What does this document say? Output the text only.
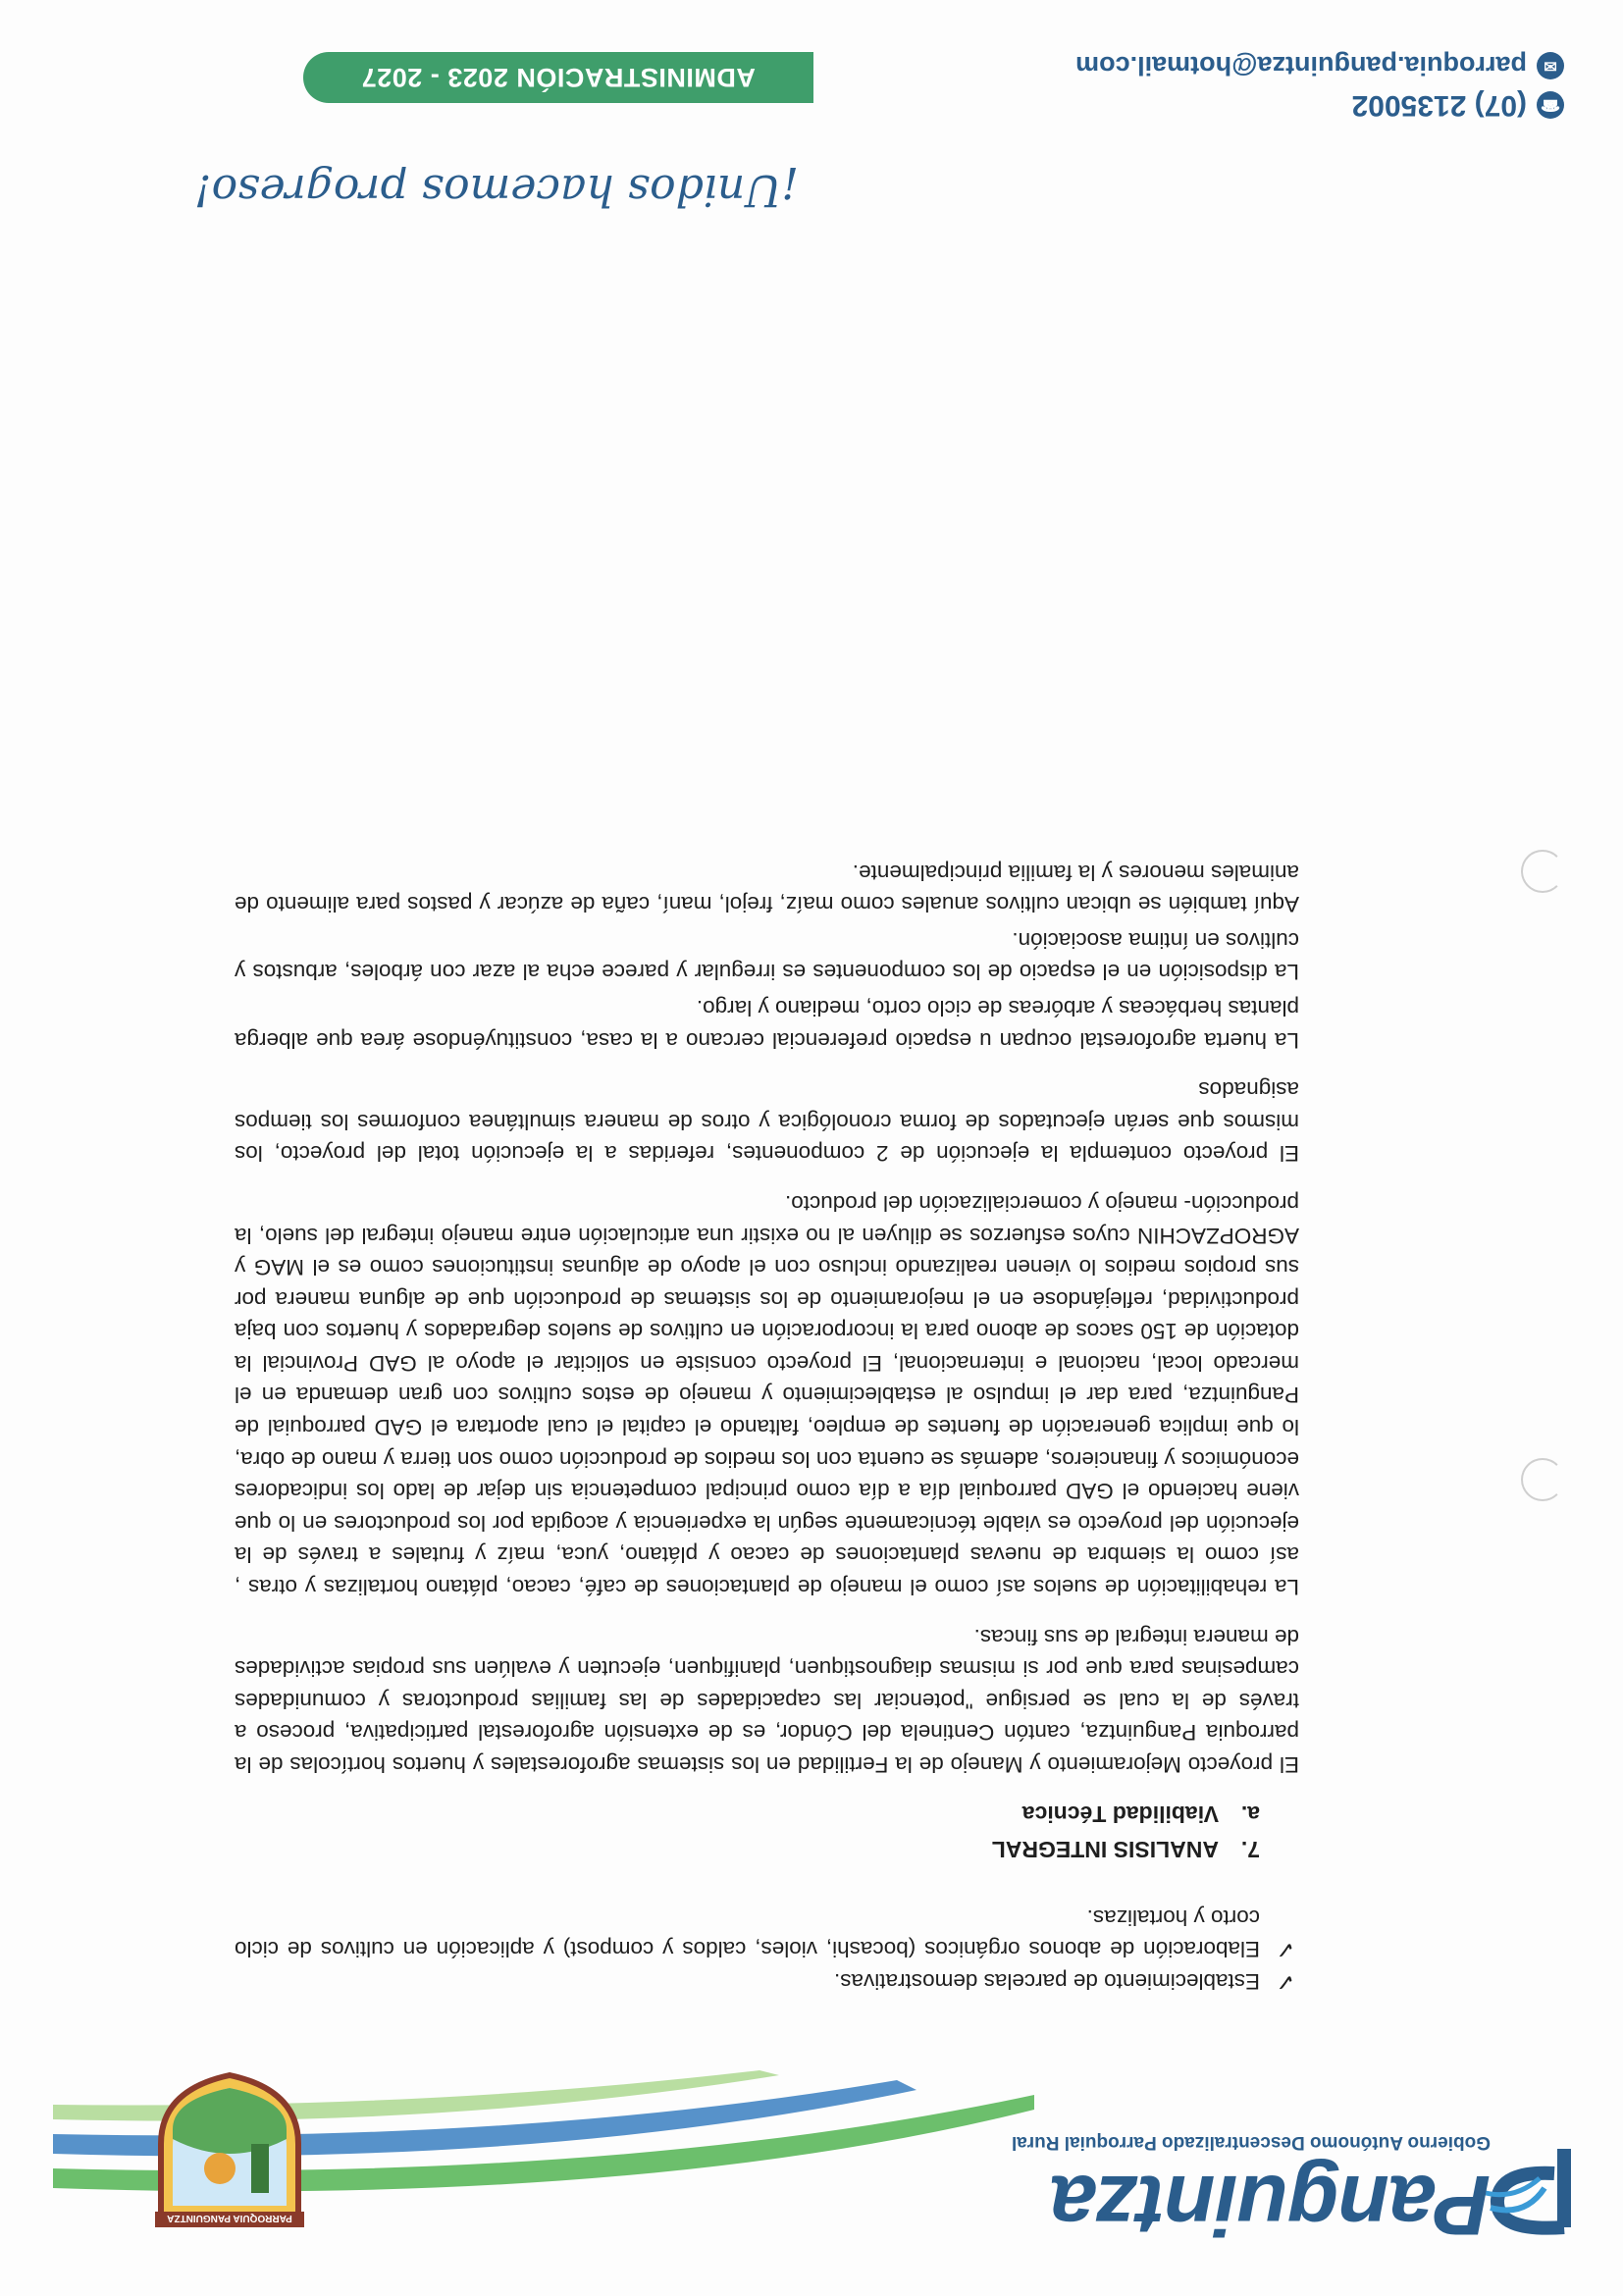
Panguintza
Gobierno Autónomo Descentralizado Parroquial Rural
PARROQUIA PANGUINTZA

✓
Establecimiento de parcelas demostrativas.

✓
Elaboración de abonos orgánicos (bocashi, violes, caldos y compost) y aplicación en cultivos de ciclo corto y hortalizas.

7.
ANALISIS INTEGRAL
a.
Viabilidad Técnica

El proyecto Mejoramiento y Manejo de la Fertilidad en los sistemas agroforestales y huertos hortícolas de la parroquia Panguintza, cantón Centinela del Cóndor, es de extensión agroforestal participativa, proceso a través de la cual se persigue "potenciar las capacidades de las familias productoras y comunidades campesinas para que por si mismas diagnostiquen, planifiquen, ejecuten y evalúen sus propias actividades de manera integral de sus fincas.

La rehabilitación de suelos así como el manejo de plantaciones de café, cacao, plátano hortalizas y otras , así como la siembra de nuevas plantaciones de cacao y plátano, yuca, maíz y frutales a través de la ejecución del proyecto es viable técnicamente según la experiencia y acogida por los productores en lo que viene haciendo el GAD parroquial día a día como principal competencia sin dejar de lado los indicadores económicos y financieros, además se cuenta con los medios de producción como son tierra y mano de obra, lo que implica generación de fuentes de empleo, faltando el capital el cual aportara el GAD parroquial de Panguintza, para dar el impulso al establecimiento y manejo de estos cultivos con gran demanda en el mercado local, nacional e internacional, El proyecto consiste en solicitar el apoyo al GAD Provincial la dotación de 150 sacos de abono para la incorporación en cultivos de suelos degradados y huertos con baja productividad, reflejándose en el mejoramiento de los sistemas de producción que de alguna manera por sus propios medios lo vienen realizando incluso con el apoyo de algunas instituciones como es el MAG y AGROPZACHIN cuyos esfuerzos se diluyen al no existir una articulación entre manejo integral del suelo, la producción- manejo y comercialización del producto.

El proyecto contempla la ejecución de 2 componentes, referidas a la ejecución total del proyecto, los mismos que serán ejecutados de forma cronológica y otros de manera simultánea conformes los tiempos asignados

La huerta agroforestal ocupan u espacio preferencial cercano a la casa, constituyéndose área que alberga plantas herbáceas y arbóreas de ciclo corto, mediano y largo.

La disposición en el espacio de los componentes es irregular y parece echa al azar con árboles, arbustos y cultivos en íntima asociación.

Aquí también se ubican cultivos anuales como maíz, frejol, maní, caña de azúcar y pastos para alimento de animales menores y la familia principalmente.

¡Unidos hacemos progreso!
☎
(07) 2135002
✉
parroquia.panguintza@hotmail.com
ADMINISTRACIÓN 2023 - 2027
